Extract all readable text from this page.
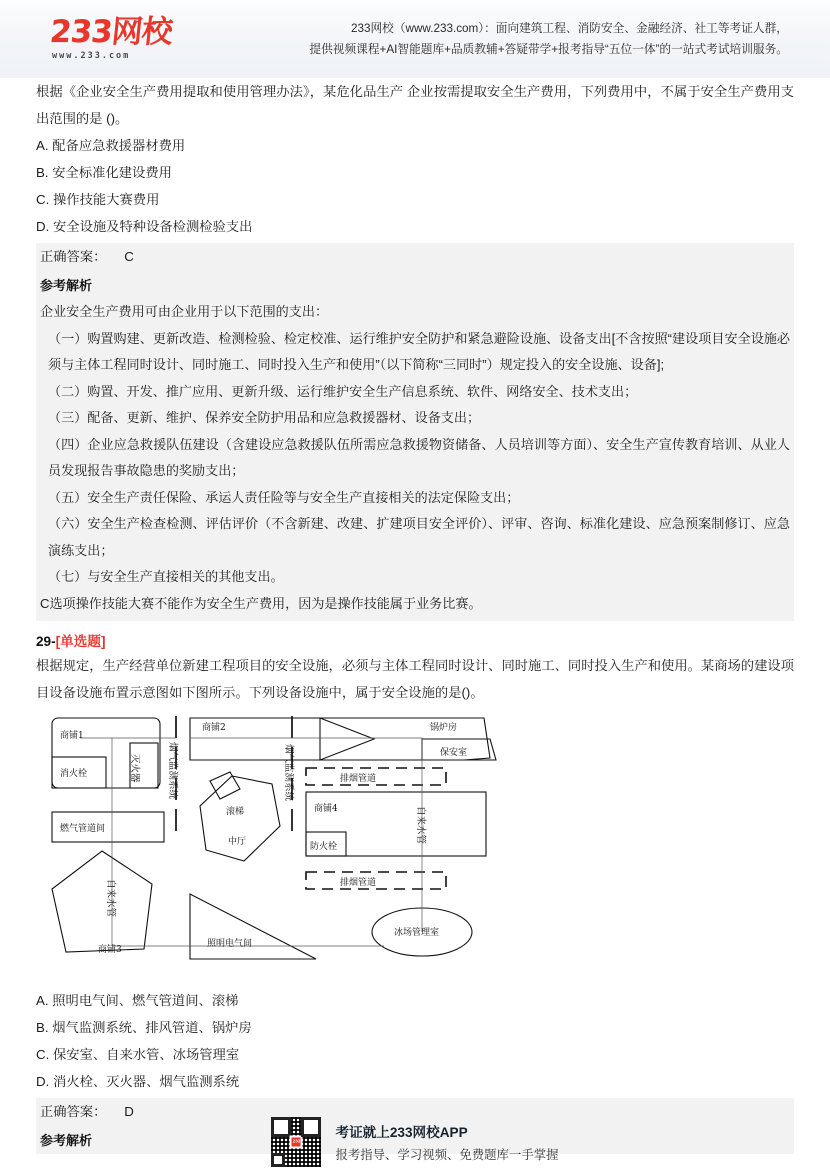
233网校
www.233.com
233网校（www.233.com）：面向建筑工程、消防安全、金融经济、社工等考证人群，
提供视频课程+AI智能题库+品质教辅+答疑带学+报考指导“五位一体”的一站式考试培训服务。
根据《企业安全生产费用提取和使用管理办法》，某危化品生产 企业按需提取安全生产费用，下列费用中，不属于安全生产费用支出范围的是 ()。
A. 配备应急救援器材费用
B. 安全标准化建设费用
C. 操作技能大赛费用
D. 安全设施及特种设备检测检验支出
正确答案： C
参考解析

企业安全生产费用可由企业用于以下范围的支出：

（一）购置购建、更新改造、检测检验、检定校准、运行维护安全防护和紧急避险设施、设备支出[不含按照“建设项目安全设施必须与主体工程同时设计、同时施工、同时投入生产和使用”（以下简称“三同时”）规定投入的安全设施、设备];

（二）购置、开发、推广应用、更新升级、运行维护安全生产信息系统、软件、网络安全、技术支出；

（三）配备、更新、维护、保养安全防护用品和应急救援器材、设备支出；

（四）企业应急救援队伍建设（含建设应急救援队伍所需应急救援物资储备、人员培训等方面）、安全生产宣传教育培训、从业人员发现报告事故隐患的奖励支出；

（五）安全生产责任保险、承运人责任险等与安全生产直接相关的法定保险支出；

（六）安全生产检查检测、评估评价（不含新建、改建、扩建项目安全评价）、评审、咨询、标准化建设、应急预案制修订、应急演练支出；

（七）与安全生产直接相关的其他支出。

C选项操作技能大赛不能作为安全生产费用，因为是操作技能属于业务比赛。

29-[单选题]
根据规定，生产经营单位新建工程项目的安全设施，必须与主体工程同时设计、同时施工、同时投入生产和使用。某商场的建设项目设备设施布置示意图如下图所示。下列设备设施中，属于安全设施的是()。
商铺1
消火栓
燃气管道间
商铺2
滚梯
中厅
锅炉房
保安室
排烟管道
排烟管道
商铺4
防火栓
商铺3
照明电气间
冰场管理室
灭火器	烟气监测系统	烟气监测系统
自来水管
自来水管
A. 照明电气间、燃气管道间、滚梯
B. 烟气监测系统、排风管道、锅炉房
C. 保安室、自来水管、冰场管理室
D. 消火栓、灭火器、烟气监测系统
正确答案： D
参考解析	233
考证就上233网校APP
报考指导、学习视频、免费题库一手掌握
